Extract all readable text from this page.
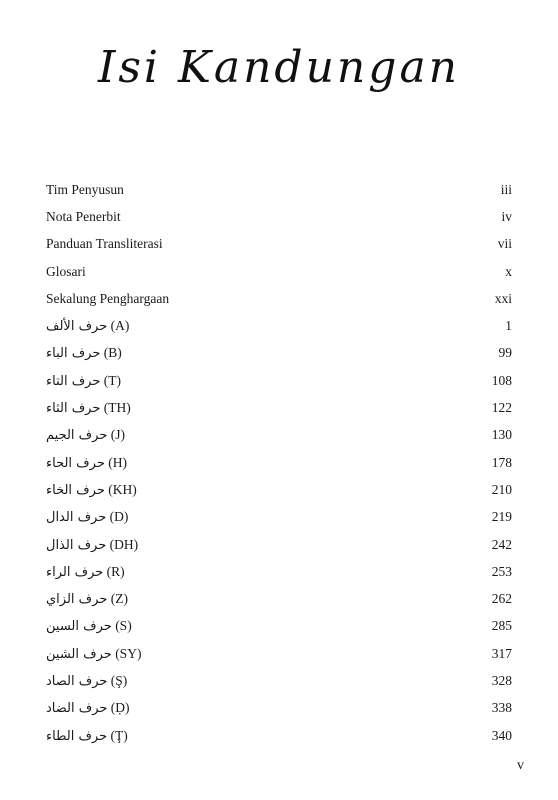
Isi Kandungan
Tim Penyusun	iii
Nota Penerbit	iv
Panduan Transliterasi	vii
Glosari	x
Sekalung Penghargaan	xxi
حرف الألف (A)	1
حرف الباء (B)	99
حرف التاء (T)	108
حرف الثاء (TH)	122
حرف الجيم (J)	130
حرف الحاء (H)	178
حرف الخاء (KH)	210
حرف الدال (D)	219
حرف الذال (DH)	242
حرف الراء (R)	253
حرف الزاي (Z)	262
حرف السين (S)	285
حرف الشين (SY)	317
حرف الصاد (Ş)	328
حرف الضاد (Ḍ)	338
حرف الطاء (Ţ)	340
v
